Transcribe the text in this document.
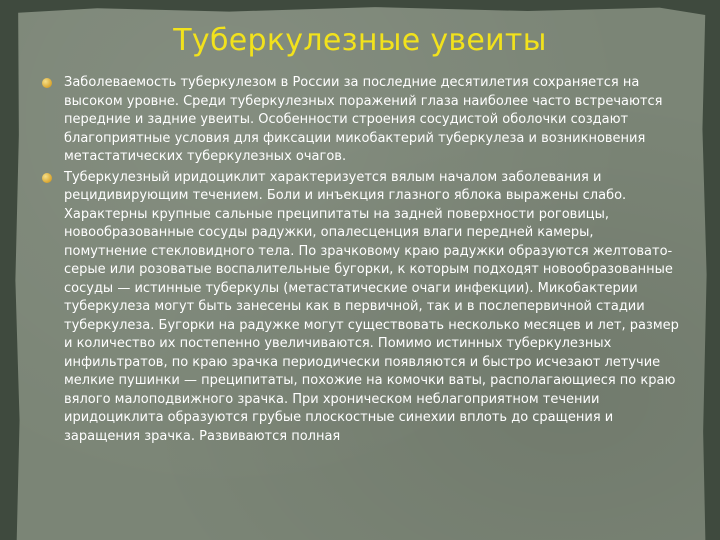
Туберкулезные увеиты
Заболеваемость туберкулезом в России за последние десятилетия сохраняется на высоком уровне. Среди туберкулезных поражений глаза наиболее часто встречаются передние и задние увеиты. Особенности строения сосудистой оболочки создают благоприятные условия для фиксации микобактерий туберкулеза и возникновения метастатических туберкулезных очагов.
Туберкулезный иридоциклит характеризуется вялым началом заболевания и рецидивирующим течением. Боли и инъекция глазного яблока выражены слабо. Характерны крупные сальные преципитаты на задней поверхности роговицы, новообразованные сосуды радужки, опалесценция влаги передней камеры, помутнение стекловидного тела. По зрачковому краю радужки образуются желтовато-серые или розоватые воспалительные бугорки, к которым подходят новообразованные сосуды — истинные туберкулы (метастатические очаги инфекции). Микобактерии туберкулеза могут быть занесены как в первичной, так и в послепервичной стадии туберкулеза. Бугорки на радужке могут существовать несколько месяцев и лет, размер и количество их постепенно увеличиваются. Помимо истинных туберкулезных инфильтратов, по краю зрачка периодически появляются и быстро исчезают летучие мелкие пушинки — преципитаты, похожие на комочки ваты, располагающиеся по краю вялого малоподвижного зрачка. При хроническом неблагоприятном течении иридоциклита образуются грубые плоскостные синехии вплоть до сращения и заращения зрачка. Развиваются полная
